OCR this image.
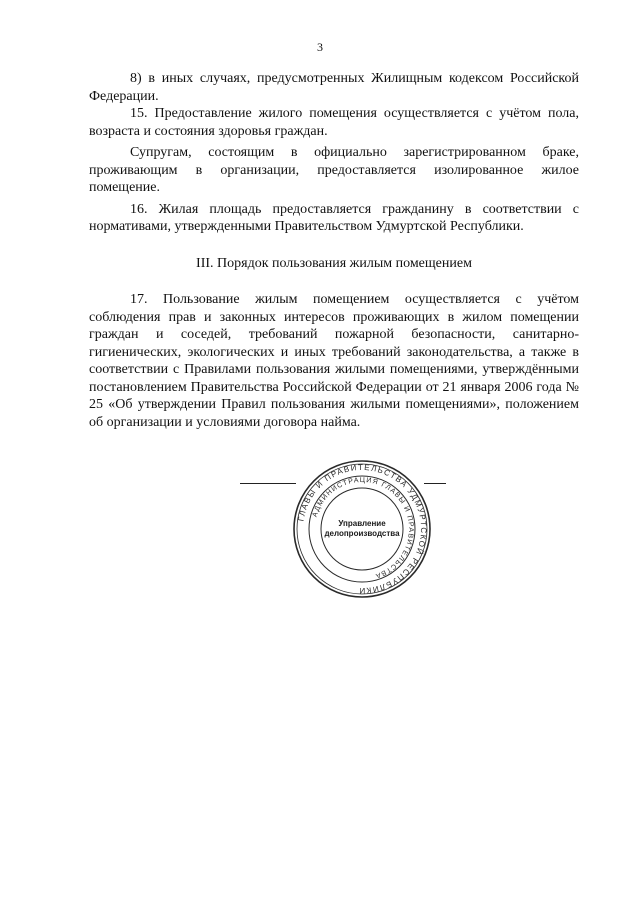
3

8) в иных случаях, предусмотренных Жилищным кодексом Российской Федерации.

15. Предоставление жилого помещения осуществляется с учётом пола, возраста и состояния здоровья граждан.

Супругам, состоящим в официально зарегистрированном браке, проживающим в организации, предоставляется изолированное жилое помещение.

16. Жилая площадь предоставляется гражданину в соответствии с нормативами, утвержденными Правительством Удмуртской Республики.

III. Порядок пользования жилым помещением

17. Пользование жилым помещением осуществляется с учётом соблюдения прав и законных интересов проживающих в жилом помещении граждан и соседей, требований пожарной безопасности, санитарно-гигиенических, экологических и иных требований законодательства, а также в соответствии с Правилами пользования жилыми помещениями, утверждёнными постановлением Правительства Российской Федерации от 21 января 2006 года № 25 «Об утверждении Правил пользования жилыми помещениями», положением об организации и условиями договора найма.

ГЛАВЫ И ПРАВИТЕЛЬСТВА УДМУРТСКОЙ РЕСПУБЛИКИ
АДМИНИСТРАЦИЯ ГЛАВЫ И ПРАВИТЕЛЬСТВА
Управление
делопроизводства
